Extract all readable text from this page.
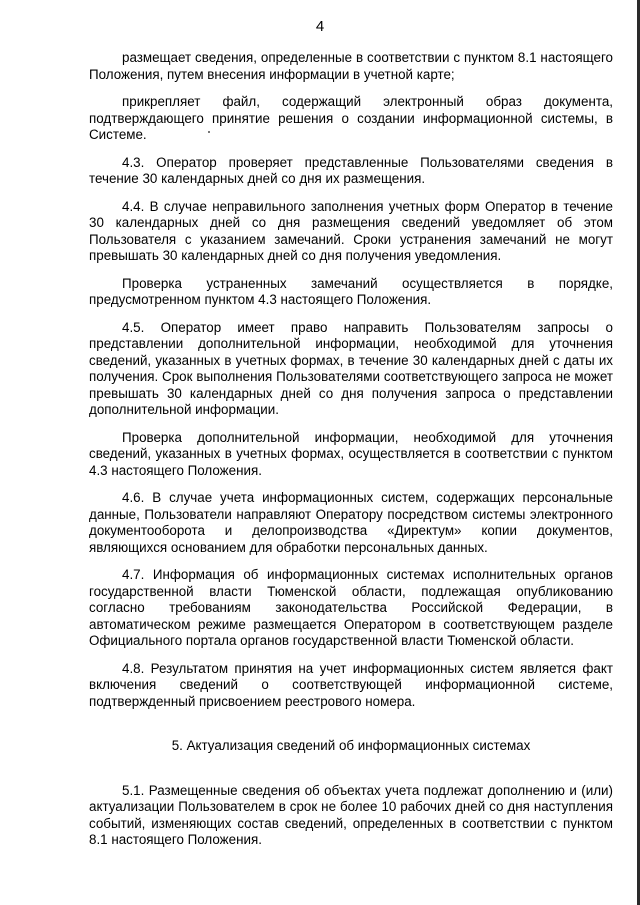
4

размещает сведения, определенные в соответствии с пунктом 8.1 настоящего Положения, путем внесения информации в учетной карте;

прикрепляет файл, содержащий электронный образ документа, подтверждающего принятие решения о создании информационной системы, в Системе.

4.3. Оператор проверяет представленные Пользователями сведения в течение 30 календарных дней со дня их размещения.

4.4. В случае неправильного заполнения учетных форм Оператор в течение 30 календарных дней со дня размещения сведений уведомляет об этом Пользователя с указанием замечаний. Сроки устранения замечаний не могут превышать 30 календарных дней со дня получения уведомления.

Проверка устраненных замечаний осуществляется в порядке, предусмотренном пунктом 4.3 настоящего Положения.

4.5. Оператор имеет право направить Пользователям запросы о представлении дополнительной информации, необходимой для уточнения сведений, указанных в учетных формах, в течение 30 календарных дней с даты их получения. Срок выполнения Пользователями соответствующего запроса не может превышать 30 календарных дней со дня получения запроса о представлении дополнительной информации.

Проверка дополнительной информации, необходимой для уточнения сведений, указанных в учетных формах, осуществляется в соответствии с пунктом 4.3 настоящего Положения.

4.6. В случае учета информационных систем, содержащих персональные данные, Пользователи направляют Оператору посредством системы электронного документооборота и делопроизводства «Директум» копии документов, являющихся основанием для обработки персональных данных.

4.7. Информация об информационных системах исполнительных органов государственной власти Тюменской области, подлежащая опубликованию согласно требованиям законодательства Российской Федерации, в автоматическом режиме размещается Оператором в соответствующем разделе Официального портала органов государственной власти Тюменской области.

4.8. Результатом принятия на учет информационных систем является факт включения сведений о соответствующей информационной системе, подтвержденный присвоением реестрового номера.

5. Актуализация сведений об информационных системах

5.1. Размещенные сведения об объектах учета подлежат дополнению и (или) актуализации Пользователем в срок не более 10 рабочих дней со дня наступления событий, изменяющих состав сведений, определенных в соответствии с пунктом 8.1 настоящего Положения.
